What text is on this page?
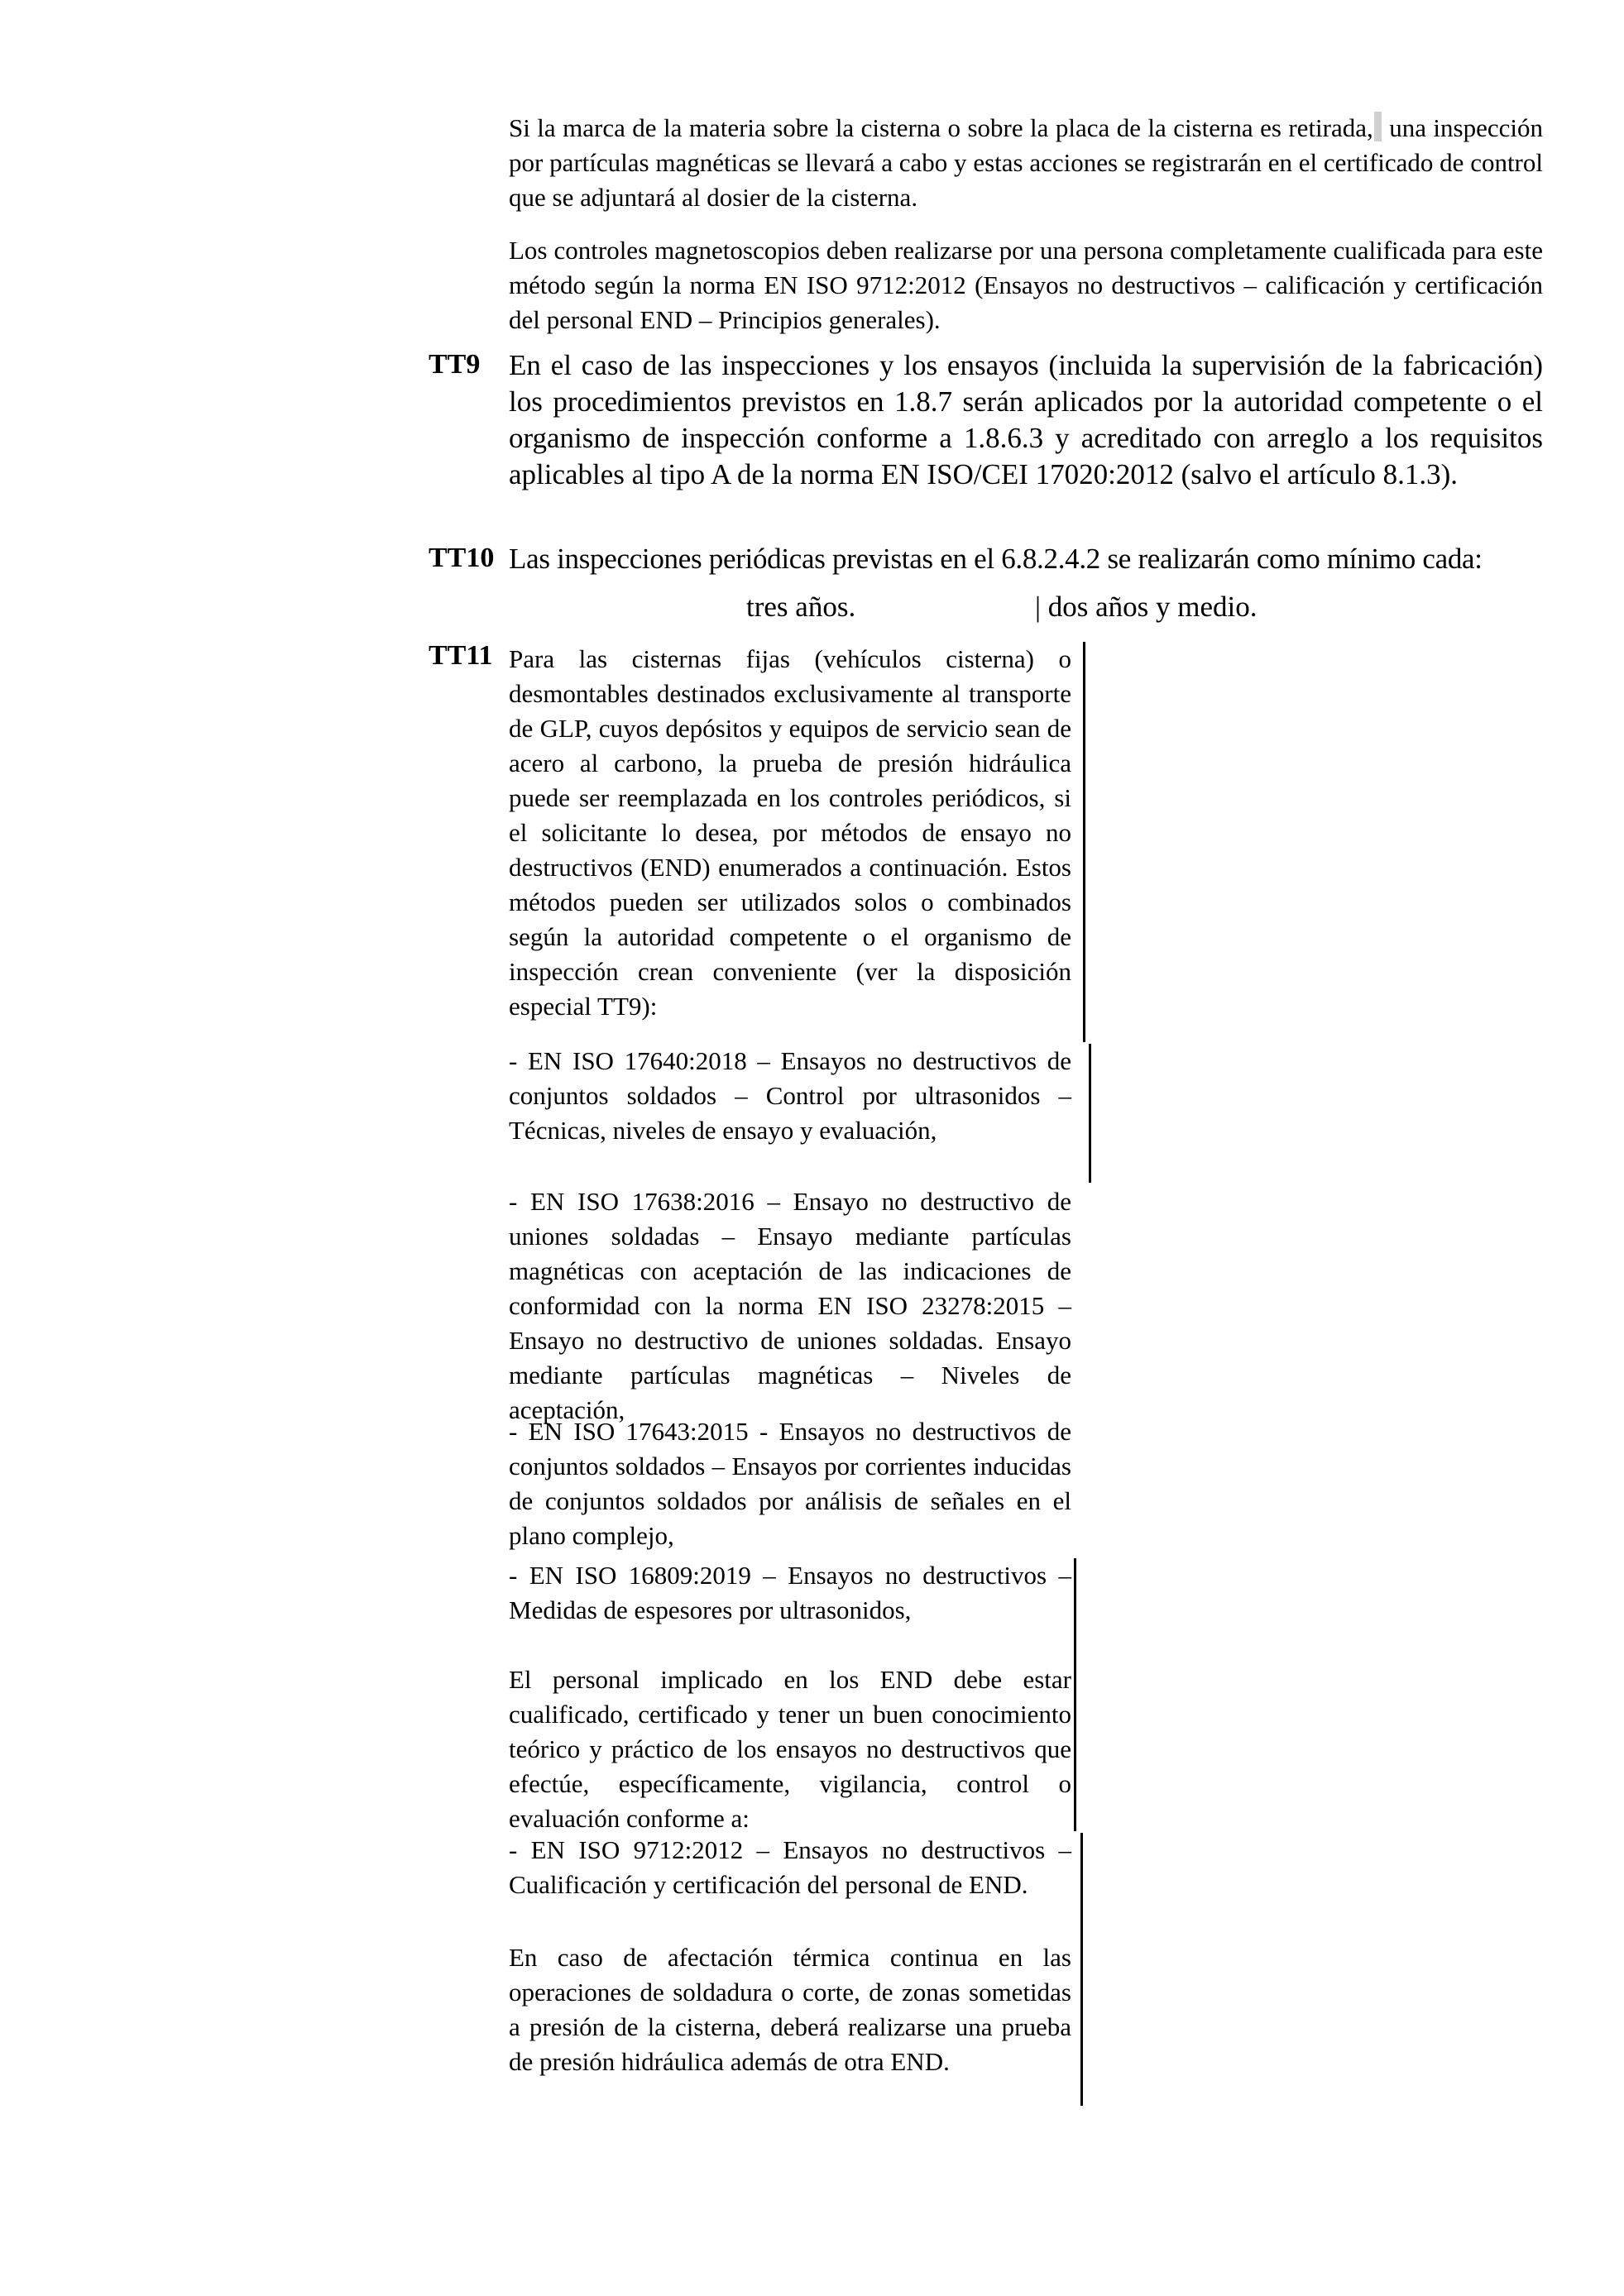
Si la marca de la materia sobre la cisterna o sobre la placa de la cisterna es retirada, una inspección por partículas magnéticas se llevará a cabo y estas acciones se registrarán en el certificado de control que se adjuntará al dosier de la cisterna.
Los controles magnetoscopios deben realizarse por una persona completamente cualificada para este método según la norma EN ISO 9712:2012 (Ensayos no destructivos – calificación y certificación del personal END – Principios generales).
TT9 En el caso de las inspecciones y los ensayos (incluida la supervisión de la fabricación) los procedimientos previstos en 1.8.7 serán aplicados por la autoridad competente o el organismo de inspección conforme a 1.8.6.3 y acreditado con arreglo a los requisitos aplicables al tipo A de la norma EN ISO/CEI 17020:2012 (salvo el artículo 8.1.3).
TT10 Las inspecciones periódicas previstas en el 6.8.2.4.2 se realizarán como mínimo cada:
tres años.	| dos años y medio.
TT11 Para las cisternas fijas (vehículos cisterna) o desmontables destinados exclusivamente al transporte de GLP, cuyos depósitos y equipos de servicio sean de acero al carbono, la prueba de presión hidráulica puede ser reemplazada en los controles periódicos, si el solicitante lo desea, por métodos de ensayo no destructivos (END) enumerados a continuación. Estos métodos pueden ser utilizados solos o combinados según la autoridad competente o el organismo de inspección crean conveniente (ver la disposición especial TT9):
- EN ISO 17640:2018 – Ensayos no destructivos de conjuntos soldados – Control por ultrasonidos – Técnicas, niveles de ensayo y evaluación,
- EN ISO 17638:2016 – Ensayo no destructivo de uniones soldadas – Ensayo mediante partículas magnéticas con aceptación de las indicaciones de conformidad con la norma EN ISO 23278:2015 – Ensayo no destructivo de uniones soldadas. Ensayo mediante partículas magnéticas – Niveles de aceptación,
- EN ISO 17643:2015 - Ensayos no destructivos de conjuntos soldados – Ensayos por corrientes inducidas de conjuntos soldados por análisis de señales en el plano complejo,
- EN ISO 16809:2019 – Ensayos no destructivos – Medidas de espesores por ultrasonidos,
El personal implicado en los END debe estar cualificado, certificado y tener un buen conocimiento teórico y práctico de los ensayos no destructivos que efectúe, específicamente, vigilancia, control o evaluación conforme a:
- EN ISO 9712:2012 – Ensayos no destructivos – Cualificación y certificación del personal de END.
En caso de afectación térmica continua en las operaciones de soldadura o corte, de zonas sometidas a presión de la cisterna, deberá realizarse una prueba de presión hidráulica además de otra END.
